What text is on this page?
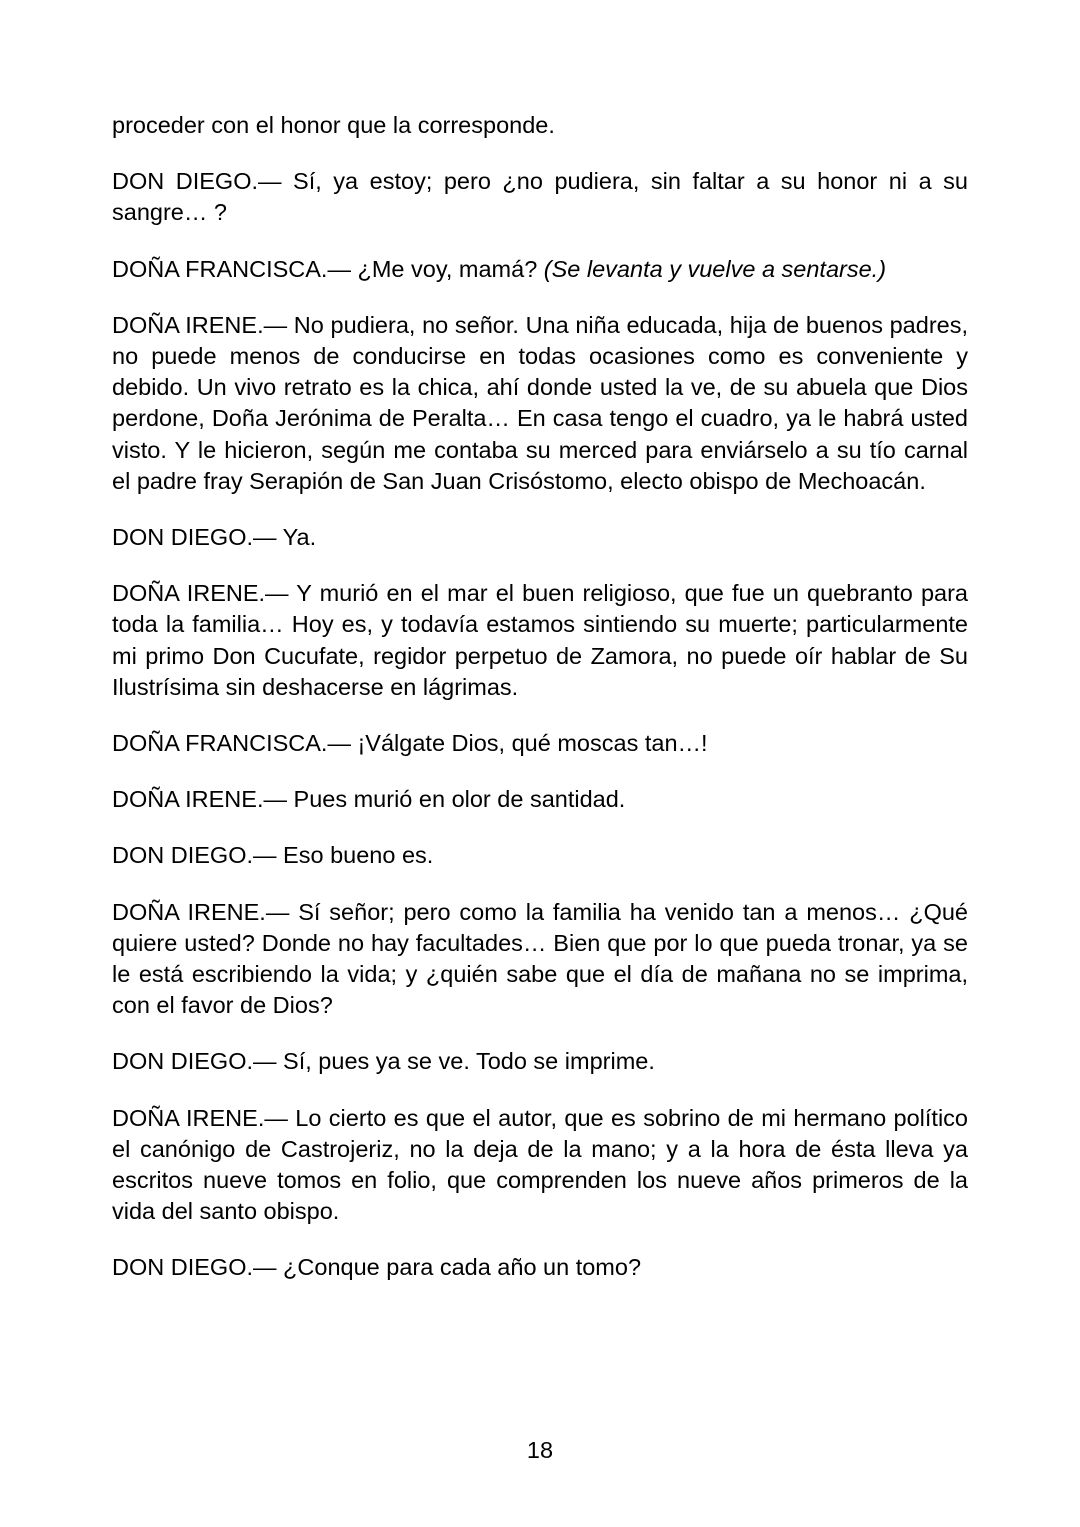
proceder con el honor que la corresponde.

DON DIEGO.— Sí, ya estoy; pero ¿no pudiera, sin faltar a su honor ni a su sangre… ?

DOÑA FRANCISCA.— ¿Me voy, mamá? (Se levanta y vuelve a sentarse.)

DOÑA IRENE.— No pudiera, no señor. Una niña educada, hija de buenos padres, no puede menos de conducirse en todas ocasiones como es conveniente y debido. Un vivo retrato es la chica, ahí donde usted la ve, de su abuela que Dios perdone, Doña Jerónima de Peralta… En casa tengo el cuadro, ya le habrá usted visto. Y le hicieron, según me contaba su merced para enviárselo a su tío carnal el padre fray Serapión de San Juan Crisóstomo, electo obispo de Mechoacán.

DON DIEGO.— Ya.

DOÑA IRENE.— Y murió en el mar el buen religioso, que fue un quebranto para toda la familia… Hoy es, y todavía estamos sintiendo su muerte; particularmente mi primo Don Cucufate, regidor perpetuo de Zamora, no puede oír hablar de Su Ilustrísima sin deshacerse en lágrimas.

DOÑA FRANCISCA.— ¡Válgate Dios, qué moscas tan…!

DOÑA IRENE.— Pues murió en olor de santidad.

DON DIEGO.— Eso bueno es.

DOÑA IRENE.— Sí señor; pero como la familia ha venido tan a menos… ¿Qué quiere usted? Donde no hay facultades… Bien que por lo que pueda tronar, ya se le está escribiendo la vida; y ¿quién sabe que el día de mañana no se imprima, con el favor de Dios?

DON DIEGO.— Sí, pues ya se ve. Todo se imprime.

DOÑA IRENE.— Lo cierto es que el autor, que es sobrino de mi hermano político el canónigo de Castrojeriz, no la deja de la mano; y a la hora de ésta lleva ya escritos nueve tomos en folio, que comprenden los nueve años primeros de la vida del santo obispo.

DON DIEGO.— ¿Conque para cada año un tomo?

18
